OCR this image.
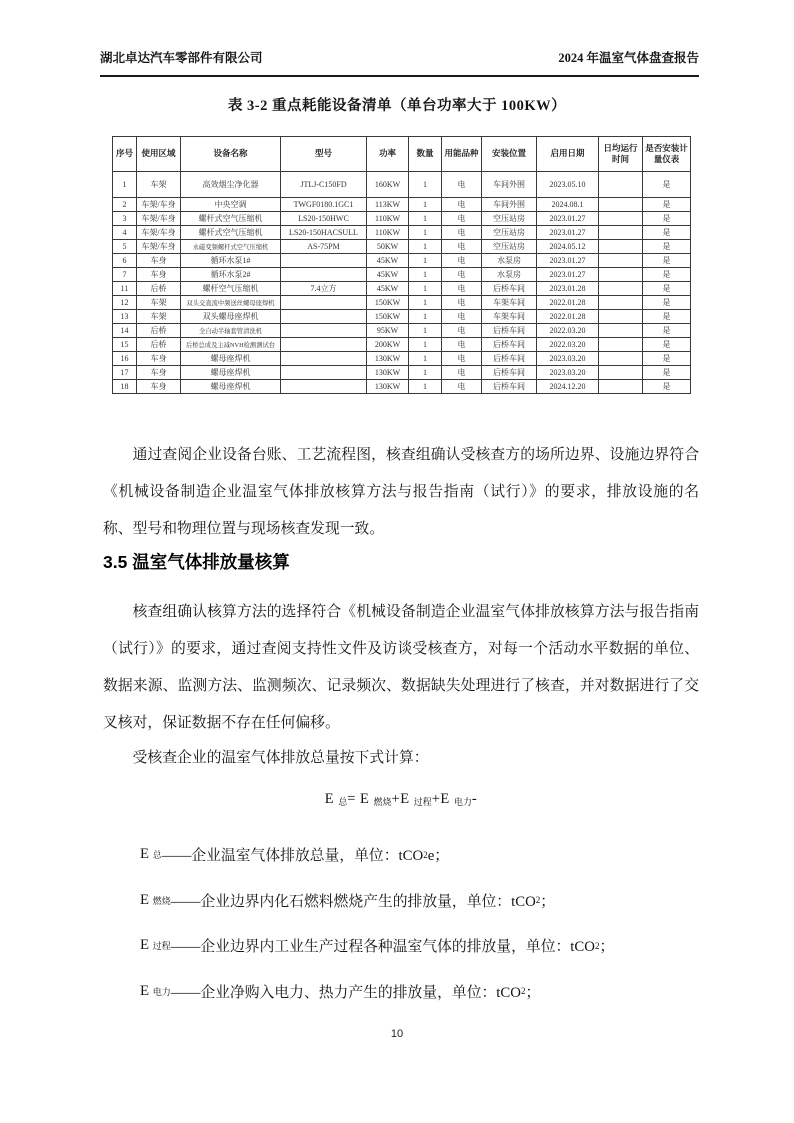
湖北卓达汽车零部件有限公司	2024 年温室气体盘查报告
表 3-2 重点耗能设备清单（单台功率大于 100KW）
序号	使用区域	设备名称	型号	功率	数量	用能品种	安装位置	启用日期	日均运行时间	是否安装计量仪表
1	车架	高效烟尘净化器	JTLJ-C150FD	160KW	1	电	车间外围	2023.05.10		是
2	车架/车身	中央空调	TWGF0180.1GC1	113KW	1	电	车间外围	2024.08.1		是
3	车架/车身	螺杆式空气压缩机	LS20-150HWC	110KW	1	电	空压站房	2023.01.27		是
4	车架/车身	螺杆式空气压缩机	LS20-150HACSULL	110KW	1	电	空压站房	2023.01.27		是
5	车架/车身	永磁变频螺杆式空气压缩机	AS-75PM	50KW	1	电	空压站房	2024.05.12		是
6	车身	循环水泵1#		45KW	1	电	水泵房	2023.01.27		是
7	车身	循环水泵2#		45KW	1	电	水泵房	2023.01.27		是
11	后桥	螺杆空气压缩机	7.4立方	45KW	1	电	后桥车间	2023.01.28		是
12	车架	双头交直流中频送丝螺母座焊机		150KW	1	电	车架车间	2022.01.28		是
13	车架	双头螺母座焊机		150KW	1	电	车架车间	2022.01.28		是
14	后桥	全自动半轴套管清洗机		95KW	1	电	后桥车间	2022.03.20		是
15	后桥	后桥总成及主减NVH检测测试台		200KW	1	电	后桥车间	2022.03.20		是
16	车身	螺母座焊机		130KW	1	电	后桥车间	2023.03.20		是
17	车身	螺母座焊机		130KW	1	电	后桥车间	2023.03.20		是
18	车身	螺母座焊机		130KW	1	电	后桥车间	2024.12.20		是
通过查阅企业设备台账、工艺流程图，核查组确认受核查方的场所边界、设施边界符合《机械设备制造企业温室气体排放核算方法与报告指南（试行）》的要求，排放设施的名称、型号和物理位置与现场核查发现一致。
3.5 温室气体排放量核算
核查组确认核算方法的选择符合《机械设备制造企业温室气体排放核算方法与报告指南（试行）》的要求，通过查阅支持性文件及访谈受核查方，对每一个活动水平数据的单位、数据来源、监测方法、监测频次、记录频次、数据缺失处理进行了核查，并对数据进行了交叉核对，保证数据不存在任何偏移。
受核查企业的温室气体排放总量按下式计算：
E $_总$= E $_{燃烧}$+E $_{过程}$+E $_{电力}$-
E 总 ——企业温室气体排放总量，单位：tCO 2 e；
E 燃烧 ——企业边界内化石燃料燃烧产生的排放量，单位：tCO 2 ；
E 过程 ——企业边界内工业生产过程各种温室气体的排放量，单位：tCO 2 ；
E 电力 ——企业净购入电力、热力产生的排放量，单位：tCO 2 ；
10
